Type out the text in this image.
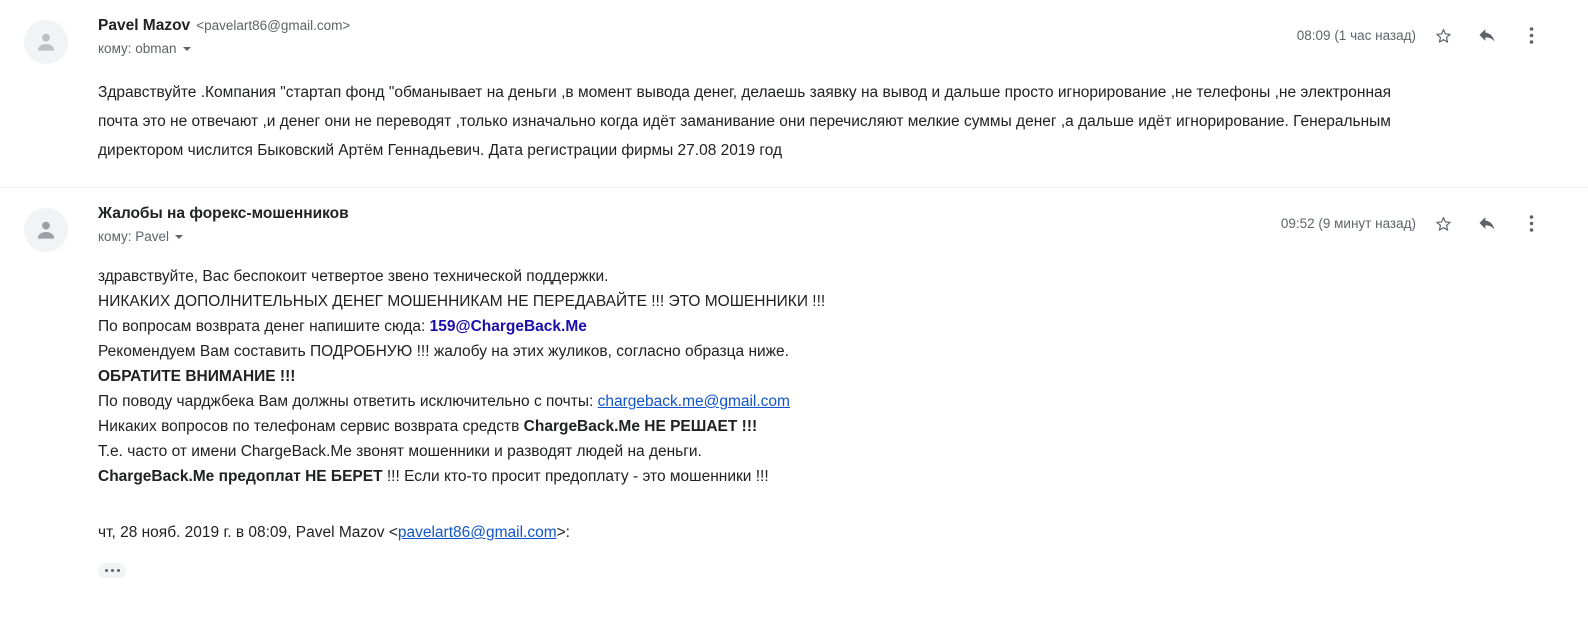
Pavel Mazov <pavelart86@gmail.com>
кому: obman
08:09 (1 час назад)
Здравствуйте .Компания "стартап фонд "обманывает на деньги ,в момент вывода денег, делаешь заявку на вывод и дальше просто игнорирование ,не телефоны ,не электронная почта это не отвечают ,и денег они не переводят ,только изначально когда идёт заманивание они перечисляют мелкие суммы денег ,а дальше идёт игнорирование. Генеральным директором числится Быковский Артём Геннадьевич. Дата регистрации фирмы 27.08 2019 год
Жалобы на форекс-мошенников
кому: Pavel
09:52 (9 минут назад)
здравствуйте, Вас беспокоит четвертое звено технической поддержки.
НИКАКИХ ДОПОЛНИТЕЛЬНЫХ ДЕНЕГ МОШЕННИКАМ НЕ ПЕРЕДАВАЙТЕ !!! ЭТО МОШЕННИКИ !!!
По вопросам возврата денег напишите сюда: 159@ChargeBack.Me
Рекомендуем Вам составить ПОДРОБНУЮ !!! жалобу на этих жуликов, согласно образца ниже.
ОБРАТИТЕ ВНИМАНИЕ !!!
По поводу чарджбека Вам должны ответить исключительно с почты: chargeback.me@gmail.com
Никаких вопросов по телефонам сервис возврата средств ChargeBack.Me НЕ РЕШАЕТ !!!
Т.е. часто от имени ChargeBack.Me звонят мошенники и разводят людей на деньги.
ChargeBack.Me предоплат НЕ БЕРЕТ !!! Если кто-то просит предоплату - это мошенники !!!
чт, 28 нояб. 2019 г. в 08:09, Pavel Mazov <pavelart86@gmail.com>:
